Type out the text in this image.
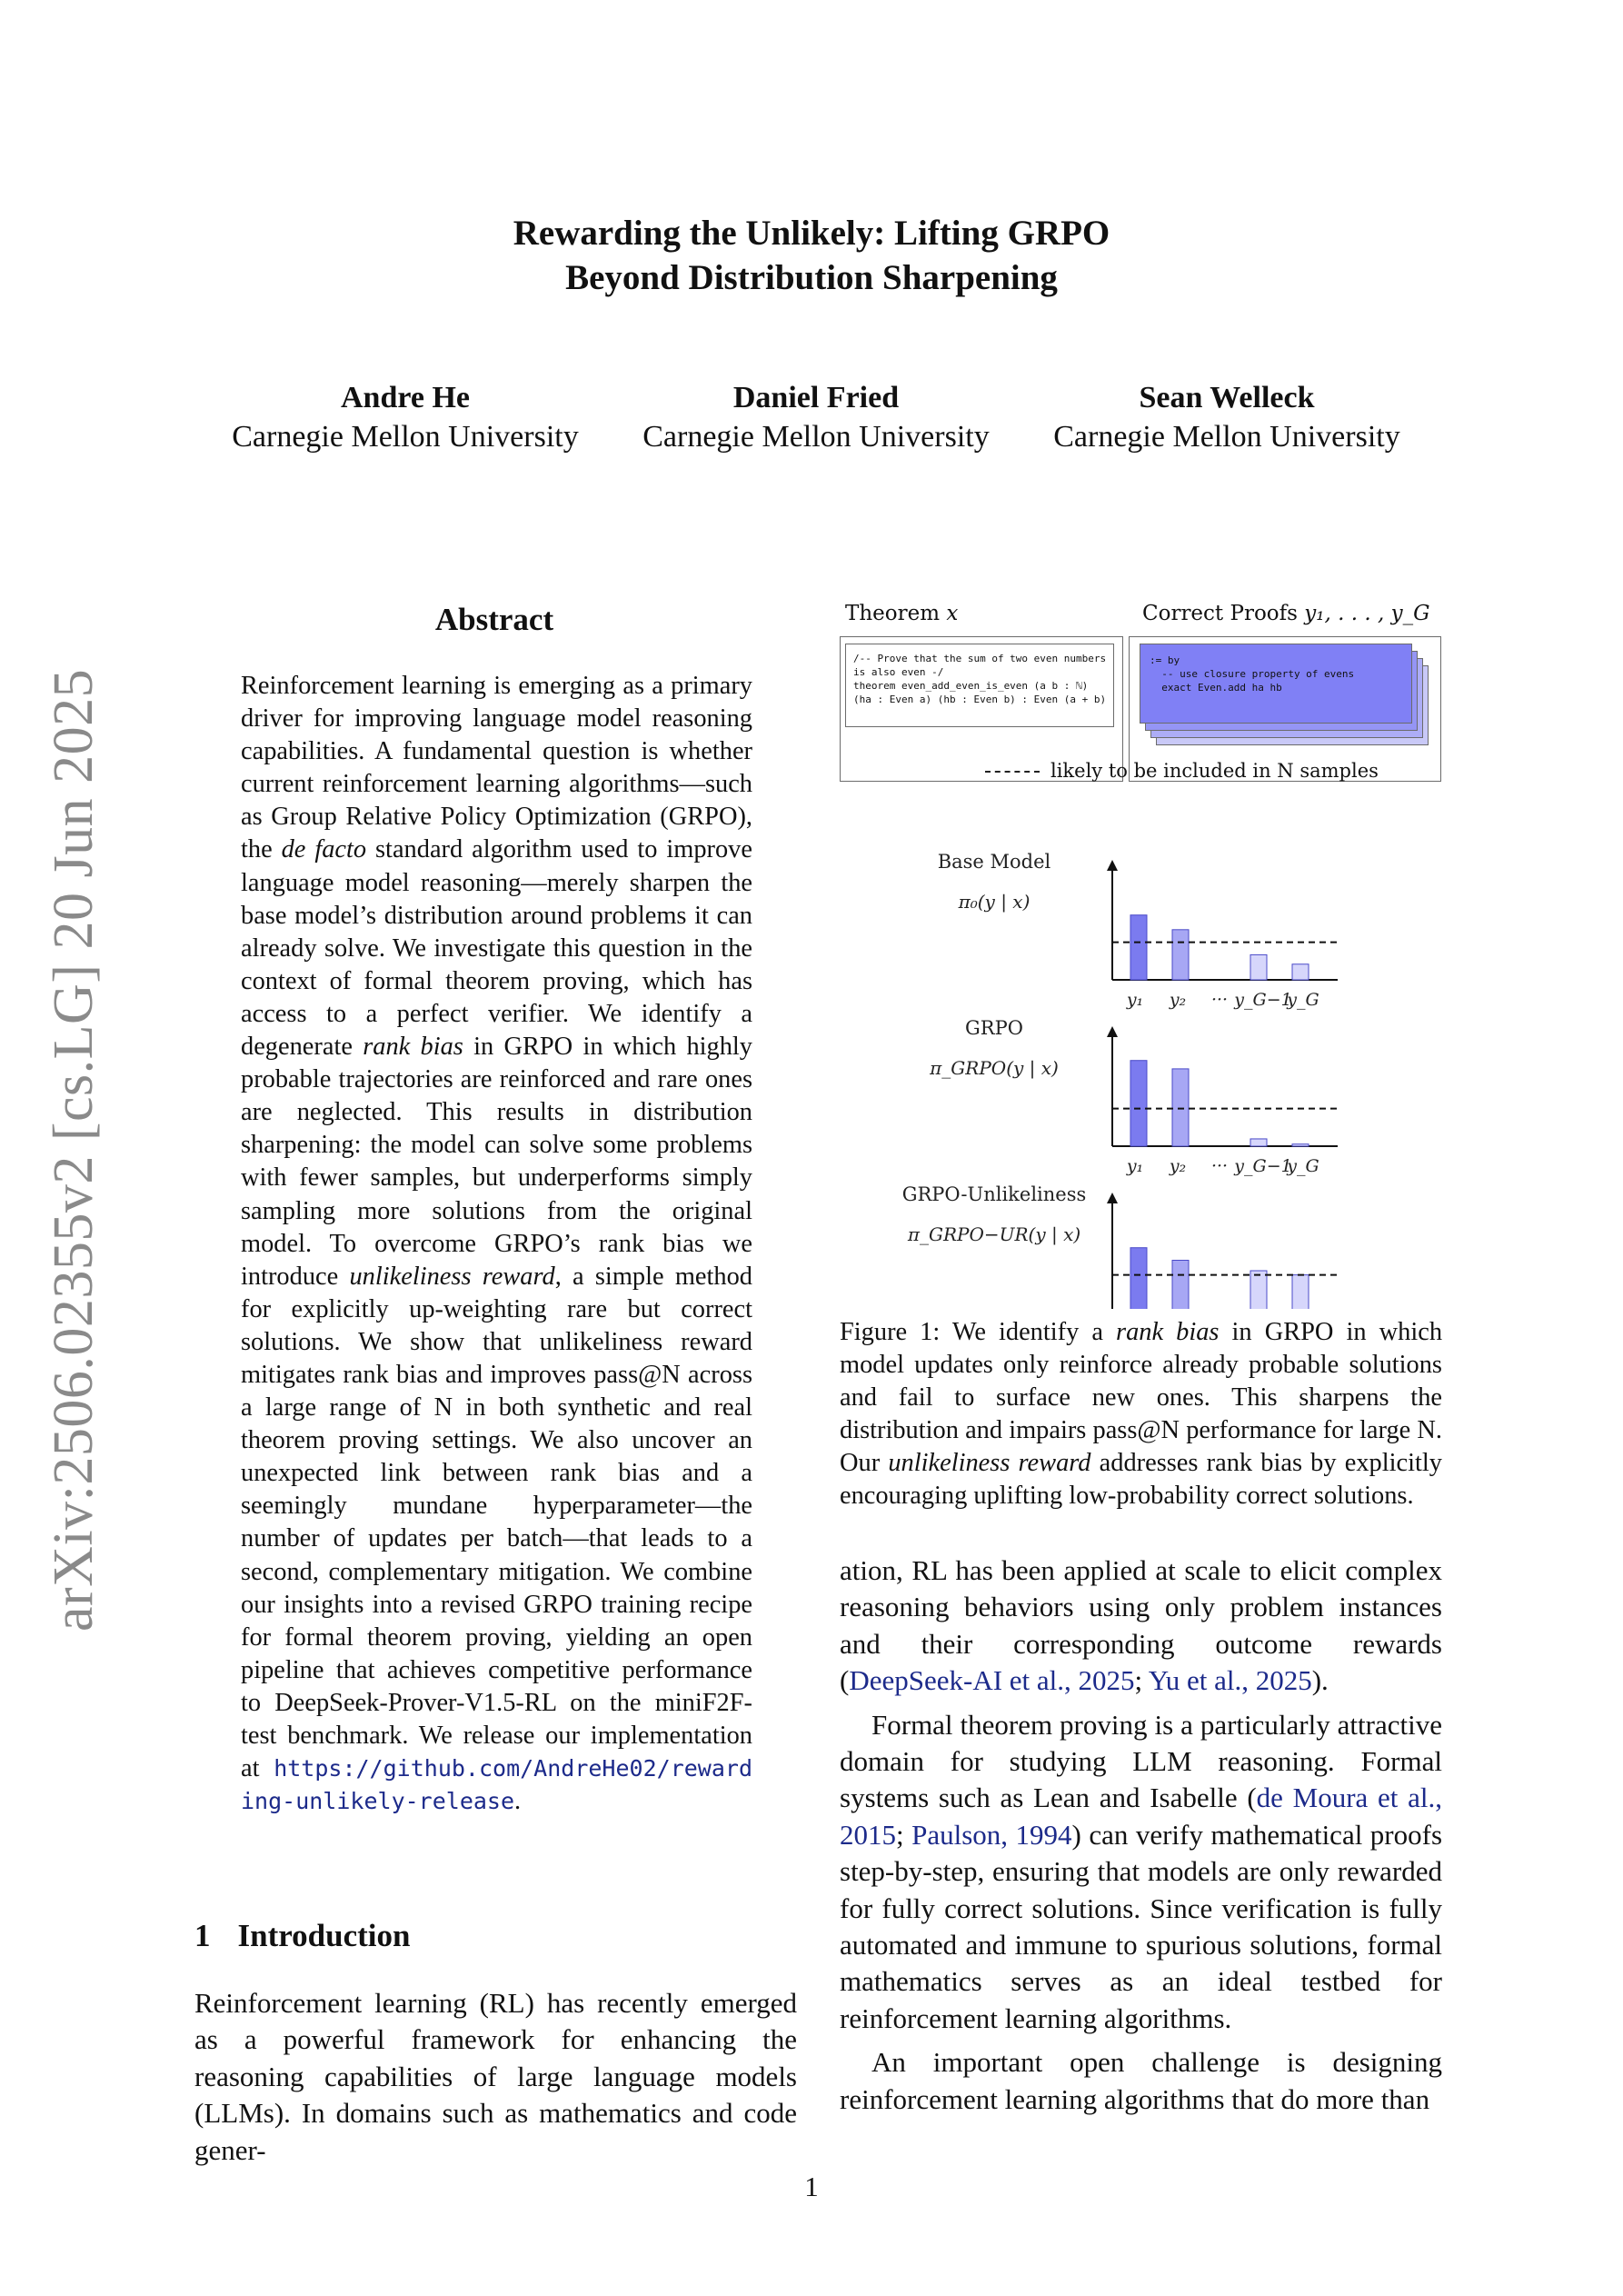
Rewarding the Unlikely: Lifting GRPO
Beyond Distribution Sharpening
Andre He
Carnegie Mellon University
Daniel Fried
Carnegie Mellon University
Sean Welleck
Carnegie Mellon University
arXiv:2506.02355v2 [cs.LG] 20 Jun 2025
Abstract
Reinforcement learning is emerging as a primary driver for improving language model reasoning capabilities. A fundamental question is whether current reinforcement learning algorithms—such as Group Relative Policy Optimization (GRPO), the de facto standard algorithm used to improve language model reasoning—merely sharpen the base model’s distribution around problems it can already solve. We investigate this question in the context of formal theorem proving, which has access to a perfect verifier. We identify a degenerate rank bias in GRPO in which highly probable trajectories are reinforced and rare ones are neglected. This results in distribution sharpening: the model can solve some problems with fewer samples, but underperforms simply sampling more solutions from the original model. To overcome GRPO’s rank bias we introduce unlikeliness reward, a simple method for explicitly up-weighting rare but correct solutions. We show that unlikeliness reward mitigates rank bias and improves pass@N across a large range of N in both synthetic and real theorem proving settings. We also uncover an unexpected link between rank bias and a seemingly mundane hyperparameter—the number of updates per batch—that leads to a second, complementary mitigation. We combine our insights into a revised GRPO training recipe for formal theorem proving, yielding an open pipeline that achieves competitive performance to DeepSeek-Prover-V1.5-RL on the miniF2F-test benchmark. We release our implementation at https://github.com/AndreHe02/rewarding-unlikely-release.
Theorem x	Correct Proofs y₁, . . . , y_G
/-- Prove that the sum of two even numbers
is also even -/
theorem even_add_even_is_even (a b : ℕ)
(ha : Even a) (hb : Even b) : Even (a + b)
:= by
-- use closure property of evens
exact Even.add ha hb
likely to be included in N samples
Base Model
π₀(y | x)
y₁ y₂ ··· y_G−1
y_G
GRPO
π_GRPO(y | x)
y₁ y₂ ··· y_G−1
y_G
GRPO-Unlikeliness
π_GRPO−UR(y | x)
Figure 1: We identify a rank bias in GRPO in which model updates only reinforce already probable solutions and fail to surface new ones. This sharpens the distribution and impairs pass@N performance for large N. Our unlikeliness reward addresses rank bias by explicitly encouraging uplifting low-probability correct solutions.
1 Introduction
Reinforcement learning (RL) has recently emerged as a powerful framework for enhancing the reasoning capabilities of large language models (LLMs). In domains such as mathematics and code gener-

ation, RL has been applied at scale to elicit complex reasoning behaviors using only problem instances and their corresponding outcome rewards (DeepSeek-AI et al., 2025; Yu et al., 2025).

Formal theorem proving is a particularly attractive domain for studying LLM reasoning. Formal systems such as Lean and Isabelle (de Moura et al., 2015; Paulson, 1994) can verify mathematical proofs step-by-step, ensuring that models are only rewarded for fully correct solutions. Since verification is fully automated and immune to spurious solutions, formal mathematics serves as an ideal testbed for reinforcement learning algorithms.

An important open challenge is designing reinforcement learning algorithms that do more than

1
